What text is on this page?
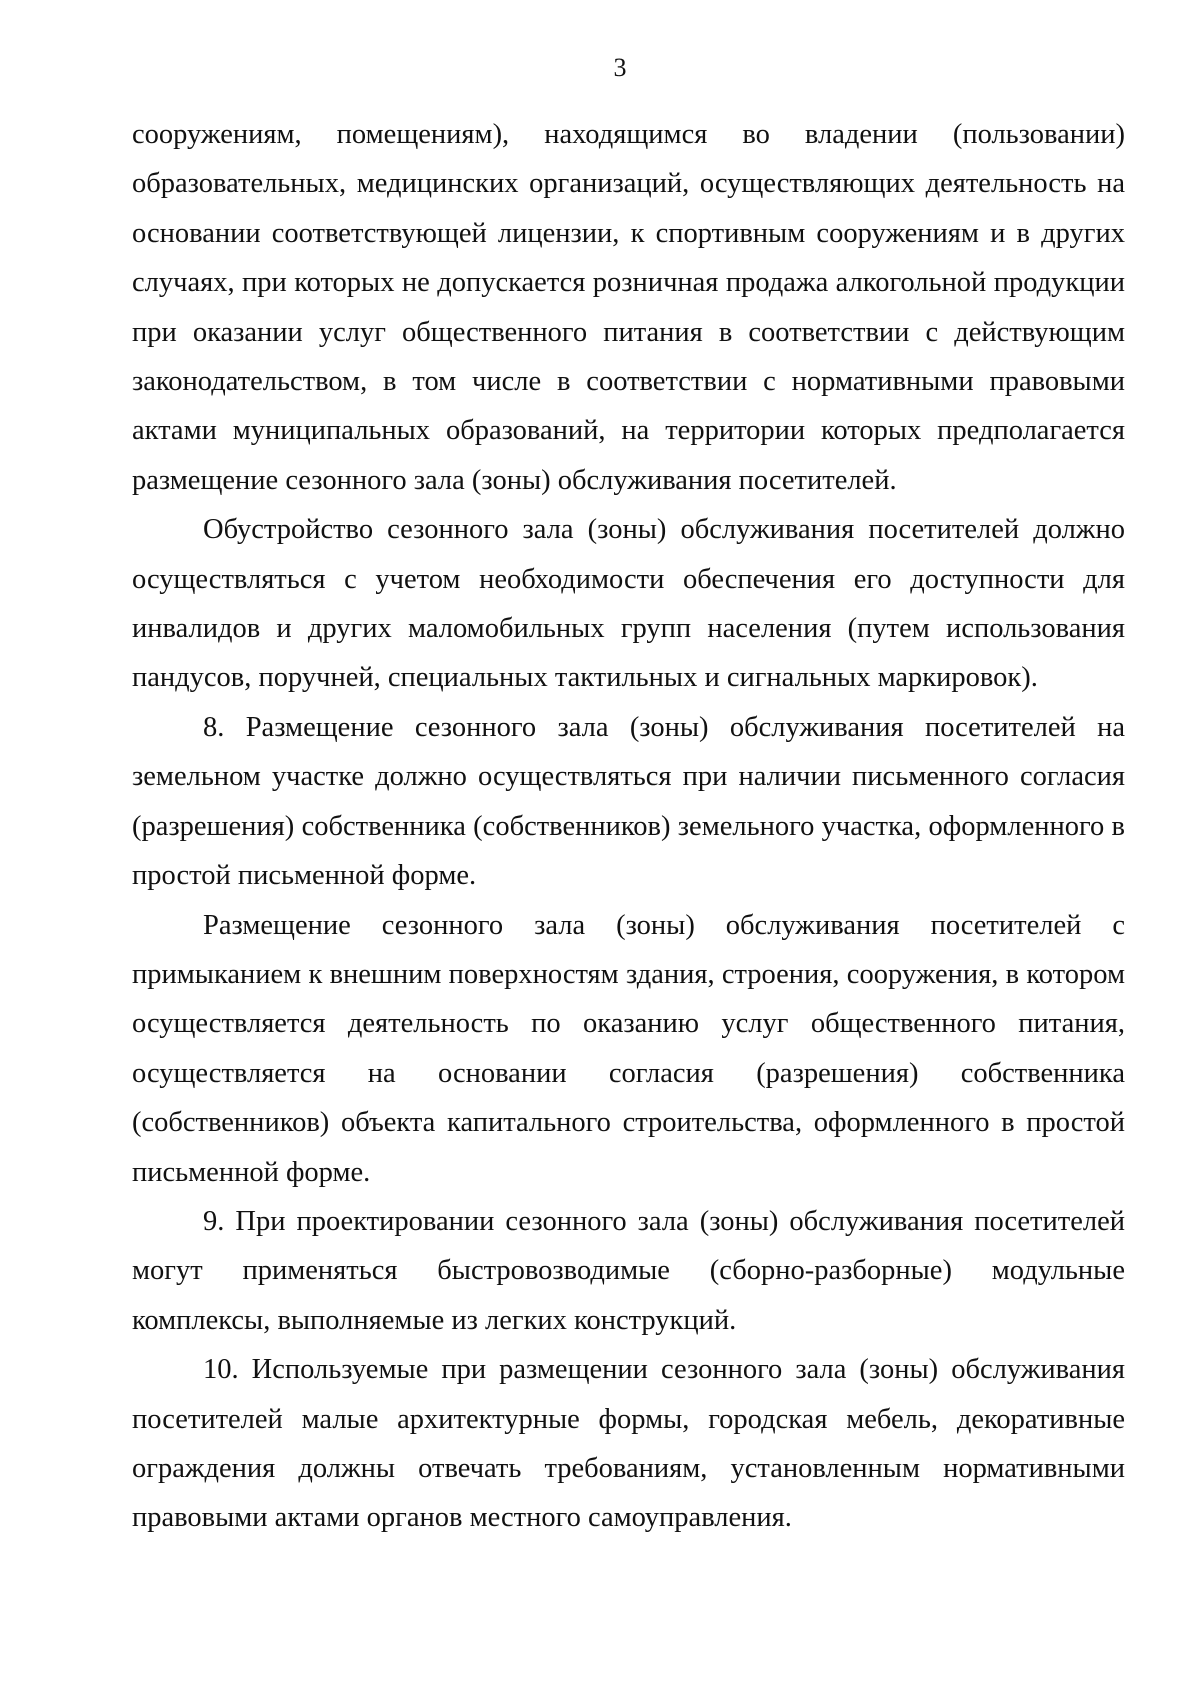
3

сооружениям, помещениям), находящимся во владении (пользовании) образовательных, медицинских организаций, осуществляющих деятельность на основании соответствующей лицензии, к спортивным сооружениям и в других случаях, при которых не допускается розничная продажа алкогольной продукции при оказании услуг общественного питания в соответствии с действующим законодательством, в том числе в соответствии с нормативными правовыми актами муниципальных образований, на территории которых предполагается размещение сезонного зала (зоны) обслуживания посетителей.

Обустройство сезонного зала (зоны) обслуживания посетителей должно осуществляться с учетом необходимости обеспечения его доступности для инвалидов и других маломобильных групп населения (путем использования пандусов, поручней, специальных тактильных и сигнальных маркировок).

8. Размещение сезонного зала (зоны) обслуживания посетителей на земельном участке должно осуществляться при наличии письменного согласия (разрешения) собственника (собственников) земельного участка, оформленного в простой письменной форме.

Размещение сезонного зала (зоны) обслуживания посетителей с примыканием к внешним поверхностям здания, строения, сооружения, в котором осуществляется деятельность по оказанию услуг общественного питания, осуществляется на основании согласия (разрешения) собственника (собственников) объекта капитального строительства, оформленного в простой письменной форме.

9. При проектировании сезонного зала (зоны) обслуживания посетителей могут применяться быстровозводимые (сборно-разборные) модульные комплексы, выполняемые из легких конструкций.

10. Используемые при размещении сезонного зала (зоны) обслуживания посетителей малые архитектурные формы, городская мебель, декоративные ограждения должны отвечать требованиям, установленным нормативными правовыми актами органов местного самоуправления.
